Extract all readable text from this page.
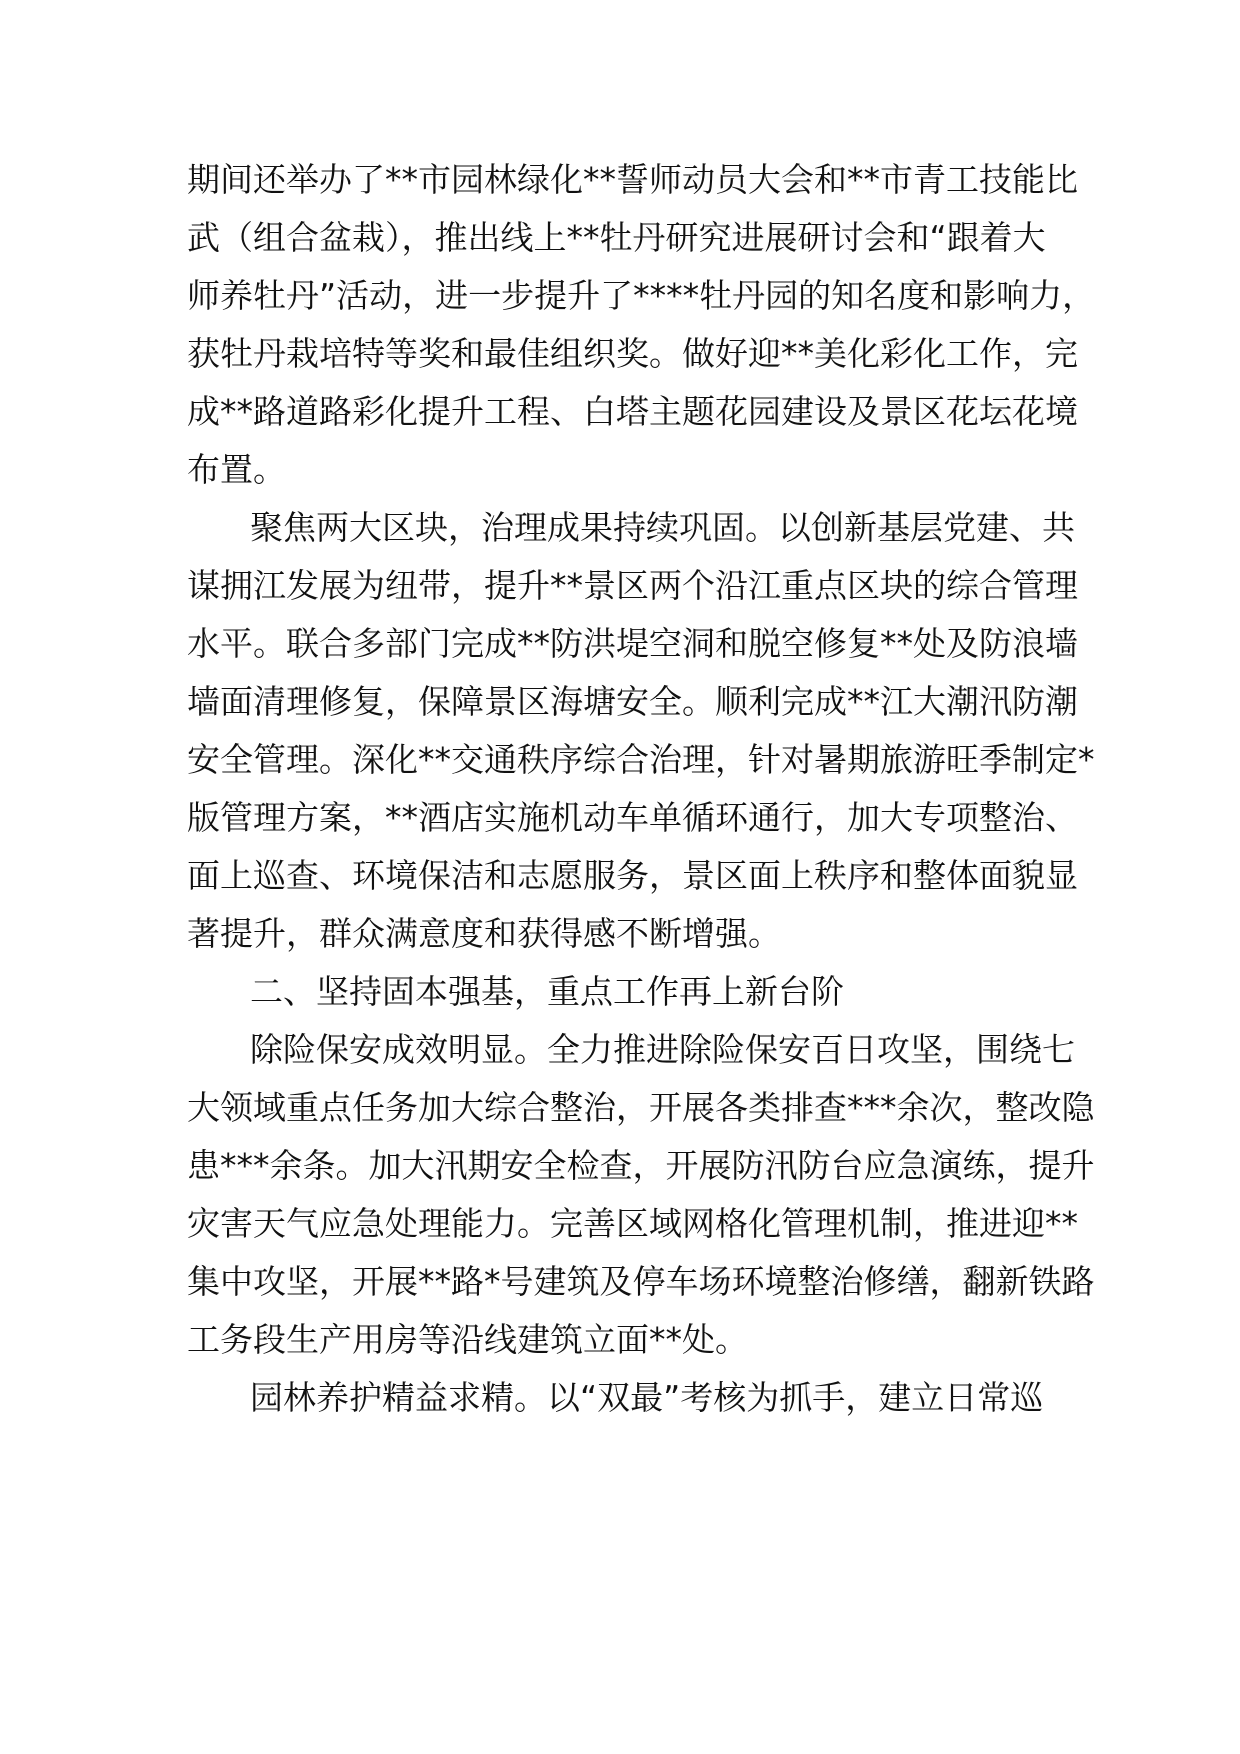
期间还举办了**市园林绿化**誓师动员大会和**市青工技能比
武（组合盆栽），推出线上**牡丹研究进展研讨会和“跟着大
师养牡丹”活动，进一步提升了****牡丹园的知名度和影响力，
获牡丹栽培特等奖和最佳组织奖。做好迎**美化彩化工作，完
成**路道路彩化提升工程、白塔主题花园建设及景区花坛花境
布置。
聚焦两大区块，治理成果持续巩固。以创新基层党建、共
谋拥江发展为纽带，提升**景区两个沿江重点区块的综合管理
水平。联合多部门完成**防洪堤空洞和脱空修复**处及防浪墙
墙面清理修复，保障景区海塘安全。顺利完成**江大潮汛防潮
安全管理。深化**交通秩序综合治理，针对暑期旅游旺季制定*
版管理方案，**酒店实施机动车单循环通行，加大专项整治、
面上巡查、环境保洁和志愿服务，景区面上秩序和整体面貌显
著提升，群众满意度和获得感不断增强。
二、坚持固本强基，重点工作再上新台阶
除险保安成效明显。全力推进除险保安百日攻坚，围绕七
大领域重点任务加大综合整治，开展各类排查***余次，整改隐
患***余条。加大汛期安全检查，开展防汛防台应急演练，提升
灾害天气应急处理能力。完善区域网格化管理机制，推进迎**
集中攻坚，开展**路*号建筑及停车场环境整治修缮，翻新铁路
工务段生产用房等沿线建筑立面**处。
园林养护精益求精。以“双最”考核为抓手，建立日常巡
